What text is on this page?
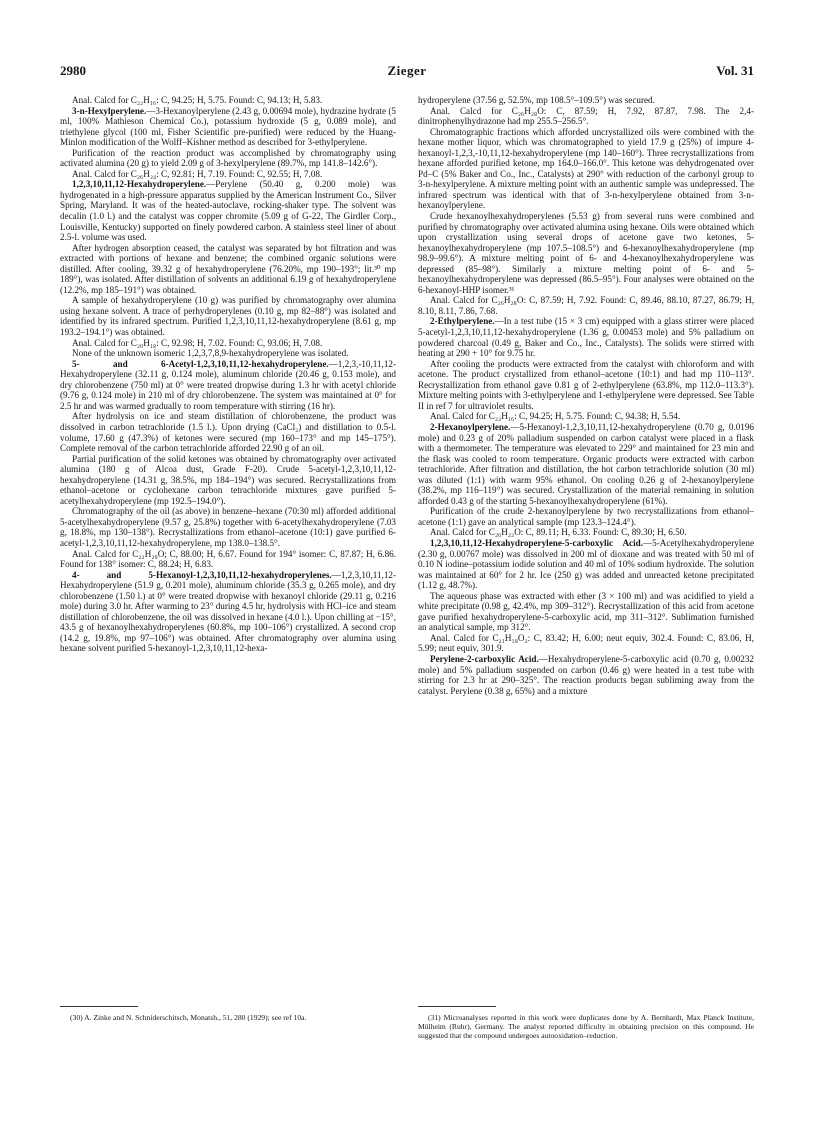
2980	Zieger	Vol. 31

Anal. Calcd for C₂₂H₁₆: C, 94.25; H, 5.75. Found: C, 94.13; H, 5.83.

3-n-Hexylperylene.—3-Hexanoylperylene (2.43 g, 0.00694 mole), hydrazine hydrate (5 ml, 100% Mathieson Chemical Co.), potassium hydroxide (5 g, 0.089 mole), and triethylene glycol (100 ml, Fisher Scientific pre-purified) were reduced by the Huang-Minlon modification of the Wolff–Kishner method as described for 3-ethylperylene.

Purification of the reaction product was accomplished by chromatography using activated alumina (20 g) to yield 2.09 g of 3-hexylperylene (89.7%, mp 141.8–142.6°).

Anal. Calcd for C₂₆H₂₄: C, 92.81; H, 7.19. Found: C, 92.55; H, 7.08.

1,2,3,10,11,12-Hexahydroperylene.—Perylene (50.40 g, 0.200 mole) was hydrogenated in a high-pressure apparatus supplied by the American Instrument Co., Silver Spring, Maryland. It was of the heated-autoclave, rocking-shaker type. The solvent was decalin (1.0 l.) and the catalyst was copper chromite (5.09 g of G-22, The Girdler Corp., Louisville, Kentucky) supported on finely powdered carbon. A stainless steel liner of about 2.5-l. volume was used.

After hydrogen absorption ceased, the catalyst was separated by hot filtration and was extracted with portions of hexane and benzene; the combined organic solutions were distilled. After cooling, 39.32 g of hexahydroperylene (76.20%, mp 190–193°; lit.³⁰ mp 189°), was isolated. After distillation of solvents an additional 6.19 g of hexahydroperylene (12.2%, mp 185–191°) was obtained.

A sample of hexahydroperylene (10 g) was purified by chromatography over alumina using hexane solvent. A trace of perhydroperylenes (0.10 g, mp 82–88°) was isolated and identified by its infrared spectrum. Purified 1,2,3,10,11,12-hexahydroperylene (8.61 g, mp 193.2–194.1°) was obtained.

Anal. Calcd for C₂₀H₁₈: C, 92.98; H, 7.02. Found: C, 93.06; H, 7.08.

None of the unknown isomeric 1,2,3,7,8,9-hexahydroperylene was isolated.

5- and 6-Acetyl-1,2,3,10,11,12-hexahydroperylene.—1,2,3,-10,11,12-Hexahydroperylene (32.11 g, 0.124 mole), aluminum chloride (20.46 g, 0.153 mole), and dry chlorobenzene (750 ml) at 0° were treated dropwise during 1.3 hr with acetyl chloride (9.76 g, 0.124 mole) in 210 ml of dry chlorobenzene. The system was maintained at 0° for 2.5 hr and was warmed gradually to room temperature with stirring (16 hr).

After hydrolysis on ice and steam distillation of chlorobenzene, the product was dissolved in carbon tetrachloride (1.5 l.). Upon drying (CaCl₂) and distillation to 0.5-l. volume, 17.60 g (47.3%) of ketones were secured (mp 160–173° and mp 145–175°). Complete removal of the carbon tetrachloride afforded 22.90 g of an oil.

Partial purification of the solid ketones was obtained by chromatography over activated alumina (180 g of Alcoa dust, Grade F-20). Crude 5-acetyl-1,2,3,10,11,12-hexahydroperylene (14.31 g, 38.5%, mp 184–194°) was secured. Recrystallizations from ethanol–acetone or cyclohexane carbon tetrachloride mixtures gave purified 5-acetylhexahydroperylene (mp 192.5–194.0°).

Chromatography of the oil (as above) in benzene–hexane (70:30 ml) afforded additional 5-acetylhexahydroperylene (9.57 g, 25.8%) together with 6-acetylhexahydroperylene (7.03 g, 18.8%, mp 130–138°). Recrystallizations from ethanol–acetone (10:1) gave purified 6-acetyl-1,2,3,10,11,12-hexahydroperylene, mp 138.0–138.5°.

Anal. Calcd for C₂₂H₂₀O; C, 88.00; H, 6.67. Found for 194° isomer: C, 87.87; H, 6.86. Found for 138° isomer: C, 88.24; H, 6.83.

4- and 5-Hexanoyl-1,2,3,10,11,12-hexahydroperylenes.—1,2,3,10,11,12-Hexahydroperylene (51.9 g, 0.201 mole), aluminum chloride (35.3 g, 0.265 mole), and dry chlorobenzene (1.50 l.) at 0° were treated dropwise with hexanoyl chloride (29.11 g, 0.216 mole) during 3.0 hr. After warming to 23° during 4.5 hr, hydrolysis with HCl–ice and steam distillation of chlorobenzene, the oil was dissolved in hexane (4.0 l.). Upon chilling at −15°, 43.5 g of hexanoylhexahydroperylenes (60.8%, mp 100–106°) crystallized. A second crop (14.2 g, 19.8%, mp 97–106°) was obtained. After chromatography over alumina using hexane solvent purified 5-hexanoyl-1,2,3,10,11,12-hexa-

hydroperylene (37.56 g, 52.5%, mp 108.5°–109.5°) was secured.

Anal. Calcd for C₂₆H₂₈O: C, 87.59; H, 7.92, 87.87, 7.98. The 2,4-dinitrophenylhydrazone had mp 255.5–256.5°.

Chromatographic fractions which afforded uncrystallized oils were combined with the hexane mother liquor, which was chromatographed to yield 17.9 g (25%) of impure 4-hexanoyl-1,2,3,-10,11,12-hexahydroperylene (mp 140–160°). Three recrystallizations from hexane afforded purified ketone, mp 164.0–166.0°. This ketone was dehydrogenated over Pd–C (5% Baker and Co., Inc., Catalysts) at 290° with reduction of the carbonyl group to 3-n-hexylperylene. A mixture melting point with an authentic sample was undepressed. The infrared spectrum was identical with that of 3-n-hexylperylene obtained from 3-n-hexanoylperylene.

Crude hexanoylhexahydroperylenes (5.53 g) from several runs were combined and purified by chromatography over activated alumina using hexane. Oils were obtained which upon crystallization using several drops of acetone gave two ketones, 5-hexanoylhexahydroperylene (mp 107.5–108.5°) and 6-hexanoylhexahydroperylene (mp 98.9–99.6°). A mixture melting point of 6- and 4-hexanoylhexahydroperylene was depressed (85–98°). Similarly a mixture melting point of 6- and 5-hexanoylhexahydroperylene was depressed (86.5–95°). Four analyses were obtained on the 6-hexanoyl-HHP isomer.³¹

Anal. Calcd for C₂₆H₂₈O: C, 87.59; H, 7.92. Found: C, 89.46, 88.10, 87.27, 86.79; H, 8.10, 8.11, 7.86, 7.68.

2-Ethylperylene.—In a test tube (15 × 3 cm) equipped with a glass stirrer were placed 5-acetyl-1,2,3,10,11,12-hexahydroperylene (1.36 g, 0.00453 mole) and 5% palladium on powdered charcoal (0.49 g, Baker and Co., Inc., Catalysts). The solids were stirred with heating at 290 + 10° for 9.75 hr.

After cooling the products were extracted from the catalyst with chloroform and with acetone. The product crystallized from ethanol–acetone (10:1) and had mp 110–113°. Recrystallization from ethanol gave 0.81 g of 2-ethylperylene (63.8%, mp 112.0–113.3°). Mixture melting points with 3-ethylperylene and 1-ethylperylene were depressed. See Table II in ref 7 for ultraviolet results.

Anal. Calcd for C₂₂H₁₆: C, 94.25; H, 5.75. Found: C, 94.38; H, 5.54.

2-Hexanoylperylene.—5-Hexanoyl-1,2,3,10,11,12-hexahydroperylene (0.70 g, 0.0196 mole) and 0.23 g of 20% palladium suspended on carbon catalyst were placed in a flask with a thermometer. The temperature was elevated to 229° and maintained for 23 min and the flask was cooled to room temperature. Organic products were extracted with carbon tetrachloride. After filtration and distillation, the hot carbon tetrachloride solution (30 ml) was diluted (1:1) with warm 95% ethanol. On cooling 0.26 g of 2-hexanoylperylene (38.2%, mp 116–119°) was secured. Crystallization of the material remaining in solution afforded 0.43 g of the starting 5-hexanoylhexahydroperylene (61%).

Purification of the crude 2-hexanoylperylene by two recrystallizations from ethanol–acetone (1:1) gave an analytical sample (mp 123.3–124.4°).

Anal. Calcd for C₂₆H₂₂O: C, 89.11; H, 6.33. Found: C, 89.30; H, 6.50.

1,2,3,10,11,12-Hexahydroperylene-5-carboxylic Acid.—5-Acetylhexahydroperylene (2.30 g, 0.00767 mole) was dissolved in 200 ml of dioxane and was treated with 50 ml of 0.10 N iodine–potassium iodide solution and 40 ml of 10% sodium hydroxide. The solution was maintained at 60° for 2 hr. Ice (250 g) was added and unreacted ketone precipitated (1.12 g, 48.7%).

The aqueous phase was extracted with ether (3 × 100 ml) and was acidified to yield a white precipitate (0.98 g, 42.4%, mp 309–312°). Recrystallization of this acid from acetone gave purified hexahydroperylene-5-carboxylic acid, mp 311–312°. Sublimation furnished an analytical sample, mp 312°.

Anal. Calcd for C₂₁H₁₈O₂: C, 83.42; H, 6.00; neut equiv, 302.4. Found: C, 83.06, H, 5.99; neut equiv, 301.9.

Perylene-2-carboxylic Acid.—Hexahydroperylene-5-carboxylic acid (0.70 g, 0.00232 mole) and 5% palladium suspended on carbon (0.46 g) were heated in a test tube with stirring for 2.3 hr at 290–325°. The reaction products began subliming away from the catalyst. Perylene (0.38 g, 65%) and a mixture

(30) A. Zinke and N. Schniderschitsch, Monatsh., 51, 280 (1929); see ref 10a.	(31) Microanalyses reported in this work were duplicates done by A. Bernhardt, Max Planck Institute, Mülheim (Ruhr), Germany. The analyst reported difficulty in obtaining precision on this compound. He suggested that the compound undergoes autooxidation–reduction.
